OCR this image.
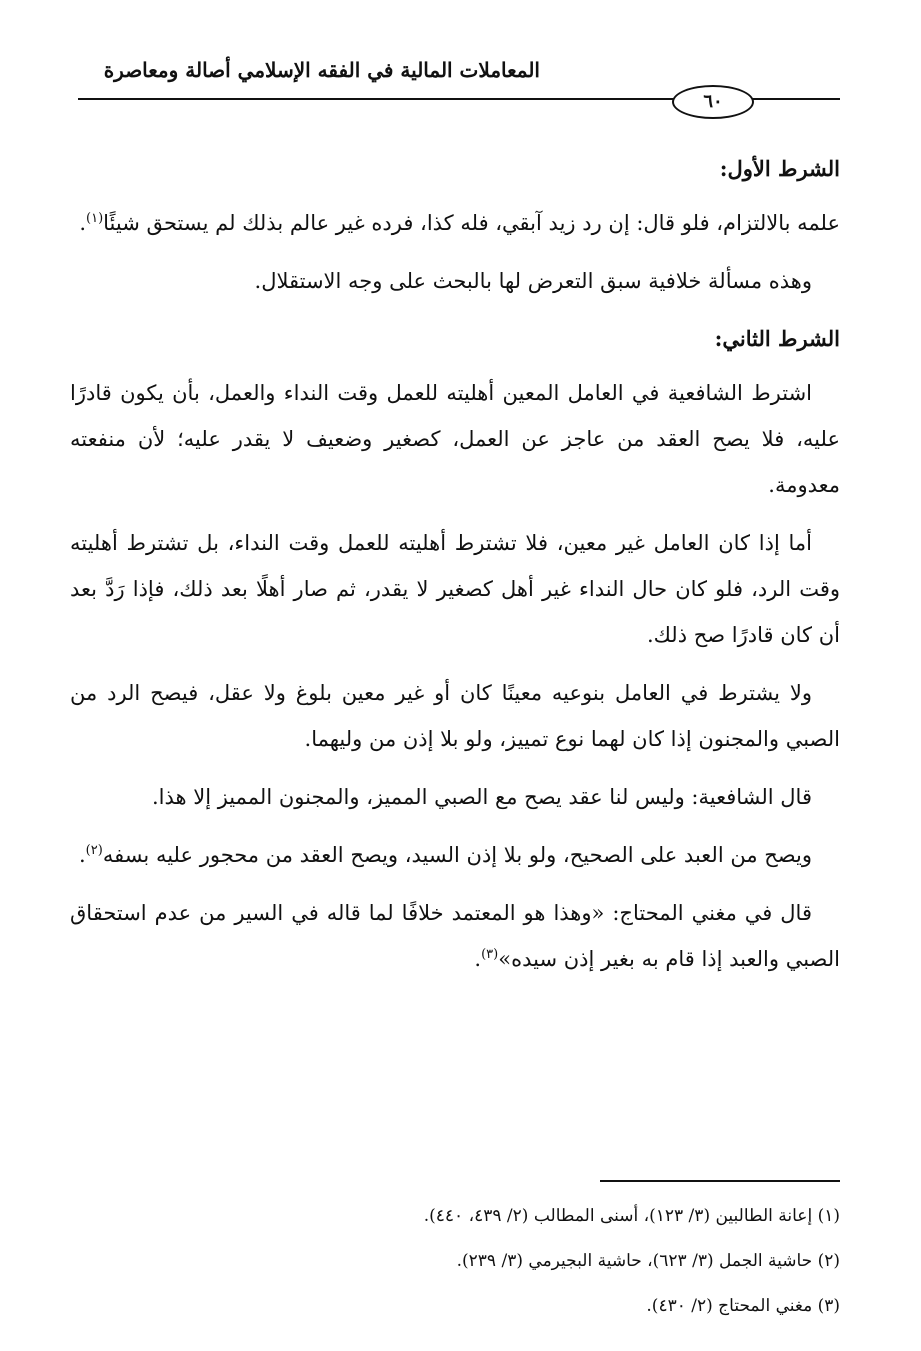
المعاملات المالية في الفقه الإسلامي أصالة ومعاصرة
٦٠

الشرط الأول:

علمه بالالتزام، فلو قال: إن رد زيد آبقي، فله كذا، فرده غير عالم بذلك لم يستحق شيئًا$^{(١)}$.

وهذه مسألة خلافية سبق التعرض لها بالبحث على وجه الاستقلال.

الشرط الثاني:

اشترط الشافعية في العامل المعين أهليته للعمل وقت النداء والعمل، بأن يكون قادرًا عليه، فلا يصح العقد من عاجز عن العمل، كصغير وضعيف لا يقدر عليه؛ لأن منفعته معدومة.

أما إذا كان العامل غير معين، فلا تشترط أهليته للعمل وقت النداء، بل تشترط أهليته وقت الرد، فلو كان حال النداء غير أهل كصغير لا يقدر، ثم صار أهلًا بعد ذلك، فإذا رَدَّ بعد أن كان قادرًا صح ذلك.

ولا يشترط في العامل بنوعيه معينًا كان أو غير معين بلوغ ولا عقل، فيصح الرد من الصبي والمجنون إذا كان لهما نوع تمييز، ولو بلا إذن من وليهما.

قال الشافعية: وليس لنا عقد يصح مع الصبي المميز، والمجنون المميز إلا هذا.

ويصح من العبد على الصحيح، ولو بلا إذن السيد، ويصح العقد من محجور عليه بسفه$^{(٢)}$.

قال في مغني المحتاج: «وهذا هو المعتمد خلافًا لما قاله في السير من عدم استحقاق الصبي والعبد إذا قام به بغير إذن سيده»$^{(٣)}$.

(١) إعانة الطالبين (٣/ ١٢٣)، أسنى المطالب (٢/ ٤٣٩، ٤٤٠).
(٢) حاشية الجمل (٣/ ٦٢٣)، حاشية البجيرمي (٣/ ٢٣٩).
(٣) مغني المحتاج (٢/ ٤٣٠).
